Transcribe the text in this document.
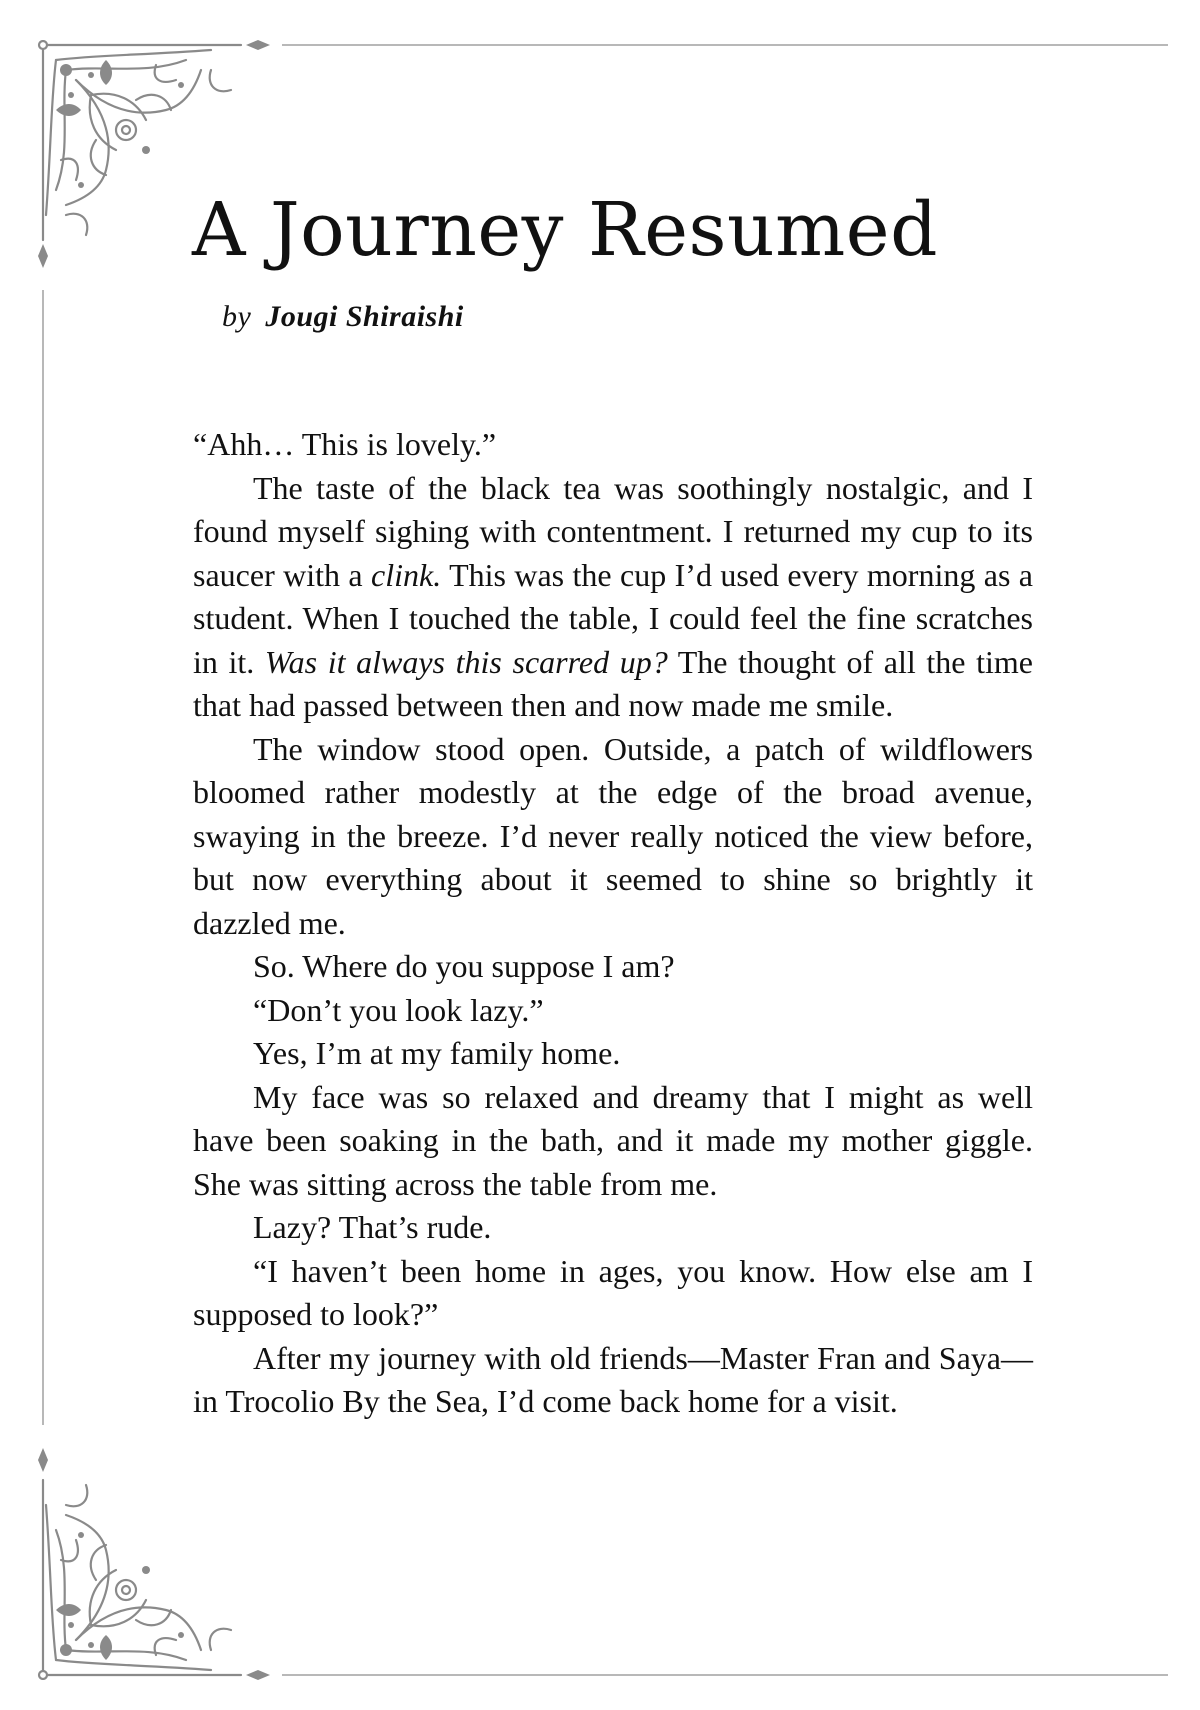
A Journey Resumed
by Jougi Shiraishi

“Ahh… This is lovely.”

The taste of the black tea was soothingly nostalgic, and I found myself sighing with contentment. I returned my cup to its saucer with a clink. This was the cup I’d used every morning as a student. When I touched the table, I could feel the fine scratches in it. Was it always this scarred up? The thought of all the time that had passed between then and now made me smile.

The window stood open. Outside, a patch of wildflowers bloomed rather modestly at the edge of the broad avenue, swaying in the breeze. I’d never really noticed the view before, but now everything about it seemed to shine so brightly it dazzled me.

So. Where do you suppose I am?

“Don’t you look lazy.”

Yes, I’m at my family home.

My face was so relaxed and dreamy that I might as well have been soaking in the bath, and it made my mother giggle. She was sitting across the table from me.

Lazy? That’s rude.

“I haven’t been home in ages, you know. How else am I supposed to look?”

After my journey with old friends—Master Fran and Saya—in Trocolio By the Sea, I’d come back home for a visit.
